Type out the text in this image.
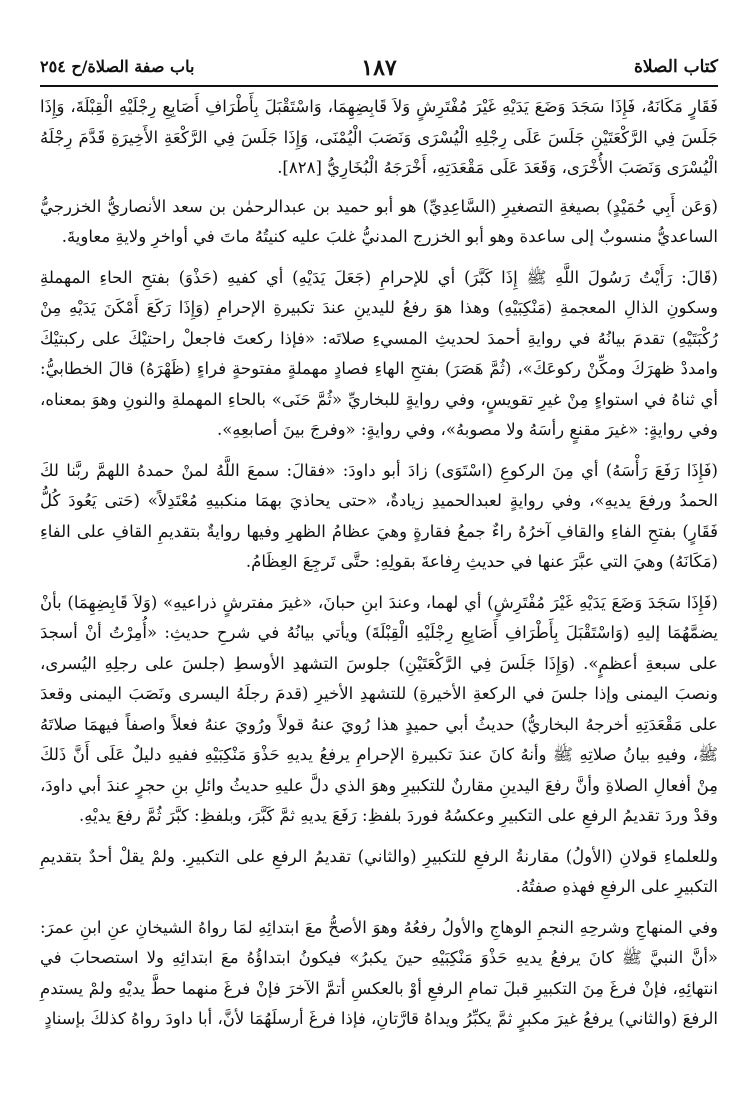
كتاب الصلاة
١٨٧
باب صفة الصلاة/ح ٢٥٤

فَقَارٍ مَكَانَهُ، فَإِذَا سَجَدَ وَضَعَ يَدَيْهِ غَيْرَ مُفْتَرِشٍ وَلاَ قَابِضِهِمَا، وَاسْتَقْبَلَ بِأَطْرَافِ أَصَابِعِ رِجْلَيْهِ الْقِبْلَةَ، وَإِذَا جَلَسَ فِي الرَّكْعَتَيْنِ جَلَسَ عَلَى رِجْلِهِ الْيُسْرَى وَنَصَبَ الْيُمْنَى، وَإِذَا جَلَسَ فِي الرَّكْعَةِ الأَخِيرَةِ قَدَّمَ رِجْلَهُ الْيُسْرَى وَنَصَبَ الأُخْرَى، وَقَعَدَ عَلَى مَقْعَدَتِهِ، أَخْرَجَهُ الْبُخَارِيُّ [٨٢٨].

(وَعَن أَبِي حُمَيْدٍ) بصيغةِ التصغيرِ (السَّاعِدِيِّ) هو أبو حميد بن عبدالرحمٰن بن سعد الأنصاريُّ الخزرجيُّ الساعديُّ منسوبٌ إلى ساعدة وهو أبو الخزرج المدنيُّ غلبَ عليه كنيتُهُ ماتَ في أواخرِ ولايةِ معاويةَ.

(قَالَ: رَأَيْتُ رَسُولَ اللَّهِ ﷺ إِذَا كَبَّرَ) أي للإحرامِ (جَعَلَ يَدَيْهِ) أي كفيهِ (حَذْوَ) بفتحِ الحاءِ المهملةِ وسكونِ الذالِ المعجمةِ (مَنْكِبَيْهِ) وهذا هوَ رفعُ لليدينِ عندَ تكبيرةِ الإحرامِ (وَإِذَا رَكَعَ أَمْكَنَ يَدَيْهِ مِنْ رُكْبَتَيْهِ) تقدمَ بيانُهُ في روايةِ أحمدَ لحديثِ المسيءِ صلاتَه: «فإذا ركعتَ فاجعلْ راحتيْكَ على ركبتيْكَ وامددْ ظهرَكَ ومكِّنْ ركوعَكَ»، (ثُمَّ هَصَرَ) بفتحِ الهاءِ فصادٍ مهملةٍ مفتوحةٍ فراءٍ (ظَهْرَهُ) قالَ الخطابيُّ: أي ثناهُ في استواءٍ مِنْ غيرِ تقويسٍ، وفي روايةٍ للبخاريِّ «ثُمَّ حَنَى» بالحاءِ المهملةِ والنونِ وهوَ بمعناه، وفي روايةٍ: «غيرَ مقنعٍ رأسَهُ ولا مصوبهُ»، وفي روايةٍ: «وفرجَ بينَ أصابعِهِ».

(فَإِذَا رَفَعَ رَأْسَهُ) أي مِنَ الركوعِ (اسْتَوَى) زادَ أبو داودَ: «فقالَ: سمعَ اللَّهُ لمنْ حمدهُ اللهمَّ ربَّنا لكَ الحمدُ ورفعَ يديهِ»، وفي روايةٍ لعبدالحميدِ زيادةٌ، «حتى يحاذيَ بهمَا منكبيهِ مُعْتَدِلاً» (حَتى يَعُودَ كُلُّ فَقَارٍ) بفتحِ الفاءِ والقافِ آخرُهُ راءٌ جمعُ فقارةٍ وهيَ عظامُ الظهرِ وفيها روايةٌ بتقديمِ القافِ على الفاءِ (مَكَانَهُ) وهيَ التي عبَّرَ عنها في حديثِ رِفاعةَ بقولِهِ: حتَّى تَرجِعَ العِظَامُ.

(فَإِذَا سَجَدَ وَضَعَ يَدَيْهِ غَيْرَ مُفْتَرِشٍ) أي لهما، وعندَ ابنِ حبانَ، «غيرَ مفترشٍ ذراعيهِ» (وَلاَ قَابِضِهِمَا) بأنْ يضمَّهُمَا إليهِ (وَاسْتَقْبَلَ بِأَطْرَافِ أَصَابِعِ رِجْلَيْهِ الْقِبْلَةَ) ويأتي بيانُهُ في شرحِ حديثِ: «أُمِرْتُ أنْ أسجدَ على سبعةِ أعظمٍ». (وَإِذَا جَلَسَ فِي الرَّكْعَتَيْنِ) جلوسَ التشهدِ الأوسطِ (جلسَ على رجلِهِ اليُسرى، ونصبَ اليمنى وإذا جلسَ في الركعةِ الأخيرةِ) للتشهدِ الأخيرِ (قدمَ رجلَهُ اليسرى ونَصَبَ اليمنى وقعدَ على مَقْعَدَتِهِ أخرجهُ البخاريُّ) حديثُ أبي حميدٍ هذا رُويَ عنهُ قولاً ورُويَ عنهُ فعلاً واصفاً فيهمَا صلاتَهُ ﷺ، وفيهِ بيانُ صلاتِهِ ﷺ وأنهُ كانَ عندَ تكبيرةِ الإحرامِ يرفعُ يديهِ حَذْوَ مَنْكِبَيْهِ ففيهِ دليلٌ عَلَى أَنَّ ذَلكَ مِنْ أفعالِ الصلاةِ وأنَّ رفعَ اليدينِ مقارنٌ للتكبيرِ وهوَ الذي دلَّ عليهِ حديثُ وائلِ بنِ حجرٍ عندَ أبي داودَ، وقدْ وردَ تقديمُ الرفعِ على التكبيرِ وعكسُهُ فوردَ بلفظِ: رَفَعَ يديهِ ثمَّ كَبَّرَ، وبلفظِ: كبَّرَ ثُمَّ رفعَ يديْهِ.

وللعلماءِ قولانِ (الأولُ) مقارنةُ الرفعِ للتكبيرِ (والثاني) تقديمُ الرفعِ على التكبيرِ. ولمْ يقلْ أحدٌ بتقديمِ التكبيرِ على الرفعِ فهذهِ صفتُهُ.

وفي المنهاجِ وشرحِهِ النجمِ الوهاجِ والأولُ رفعُهُ وهوَ الأصحُّ معَ ابتدائِهِ لمَا رواهُ الشيخانِ عنِ ابنِ عمرَ: «أنَّ النبيَّ ﷺ كانَ يرفعُ يديهِ حَذْوَ مَنْكِبَيْهِ حينَ يكبرُ» فيكونُ ابتداؤُهُ معَ ابتدائِهِ ولا استصحابَ في انتهائِهِ، فإنْ فرغَ مِنَ التكبيرِ قبلَ تمامِ الرفعِ أوْ بالعكسِ أتمَّ الآخرَ فإنْ فرغَ منهما حطَّ يديْهِ ولمْ يستدمِ الرفعَ (والثاني) يرفعُ غيرَ مكبرٍ ثمَّ يكبِّرُ ويداهُ قارَّتانِ، فإذا فرغَ أرسلَهُمَا لأنَّ، أبا داودَ رواهُ كذلكَ بإسنادٍ
